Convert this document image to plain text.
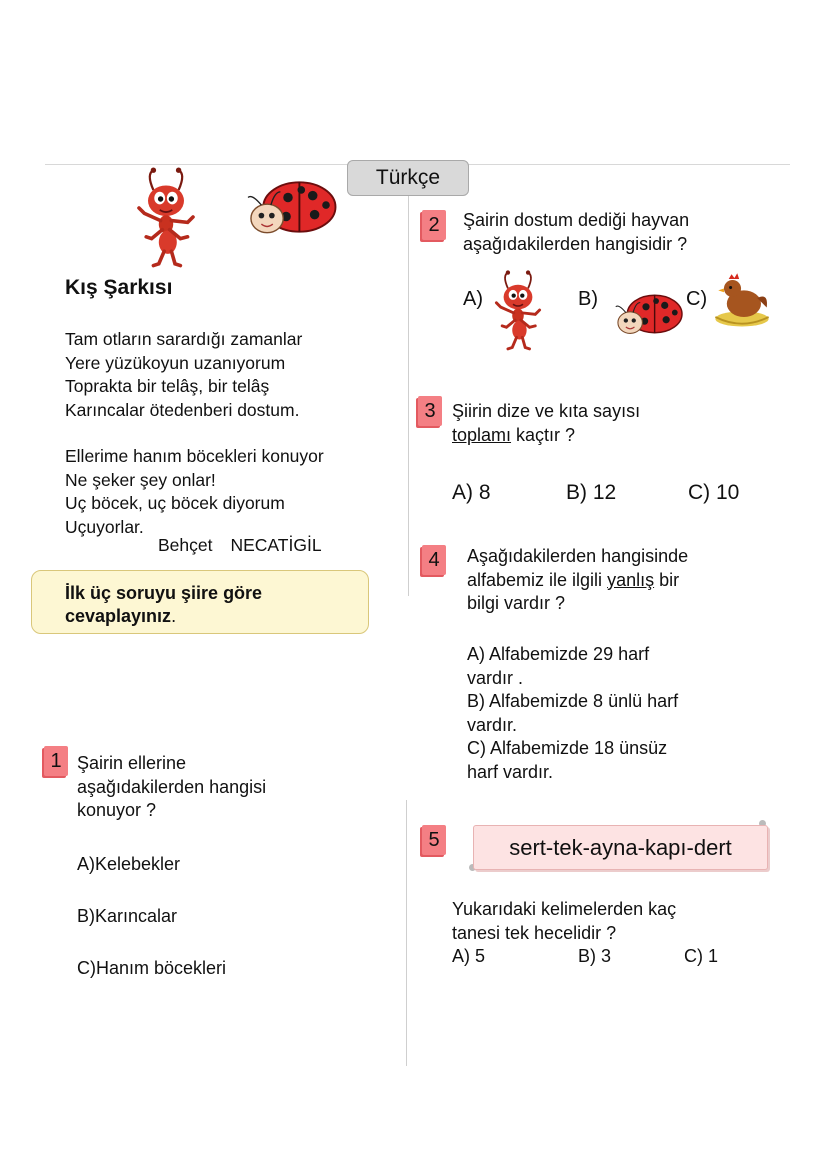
Türkçe
Kış Şarkısı
Tam otların sarardığı zamanlar
Yere yüzükoyun uzanıyorum
Toprakta bir telâş, bir telâş
Karıncalar ötedenberi dostum.
Ellerime hanım böcekleri konuyor
Ne şeker şey onlar!
Uç böcek, uç böcek diyorum
Uçuyorlar.
Behçet NECATİGİL
İlk üç soruyu şiire göre cevaplayınız.
1 Şairin ellerine
aşağıdakilerden hangisi
konuyor ?
A)Kelebekler
B)Karıncalar
C)Hanım böcekleri
2	Şairin dostum dediği hayvan
aşağıdakilerden hangisidir ?
A)	B)	C)
3 Şiirin dize ve kıta sayısı
toplamı kaçtır ?
A) 8	B) 12	C) 10
4	Aşağıdakilerden hangisinde
alfabemiz ile ilgili yanlış bir
bilgi vardır ?
A) Alfabemizde 29 harf
vardır .
B) Alfabemizde 8 ünlü harf
vardır.
C) Alfabemizde 18 ünsüz
harf vardır.
5	sert-tek-ayna-kapı-dert
Yukarıdaki kelimelerden kaç
tanesi tek hecelidir ?
A) 5	B) 3	C) 1
